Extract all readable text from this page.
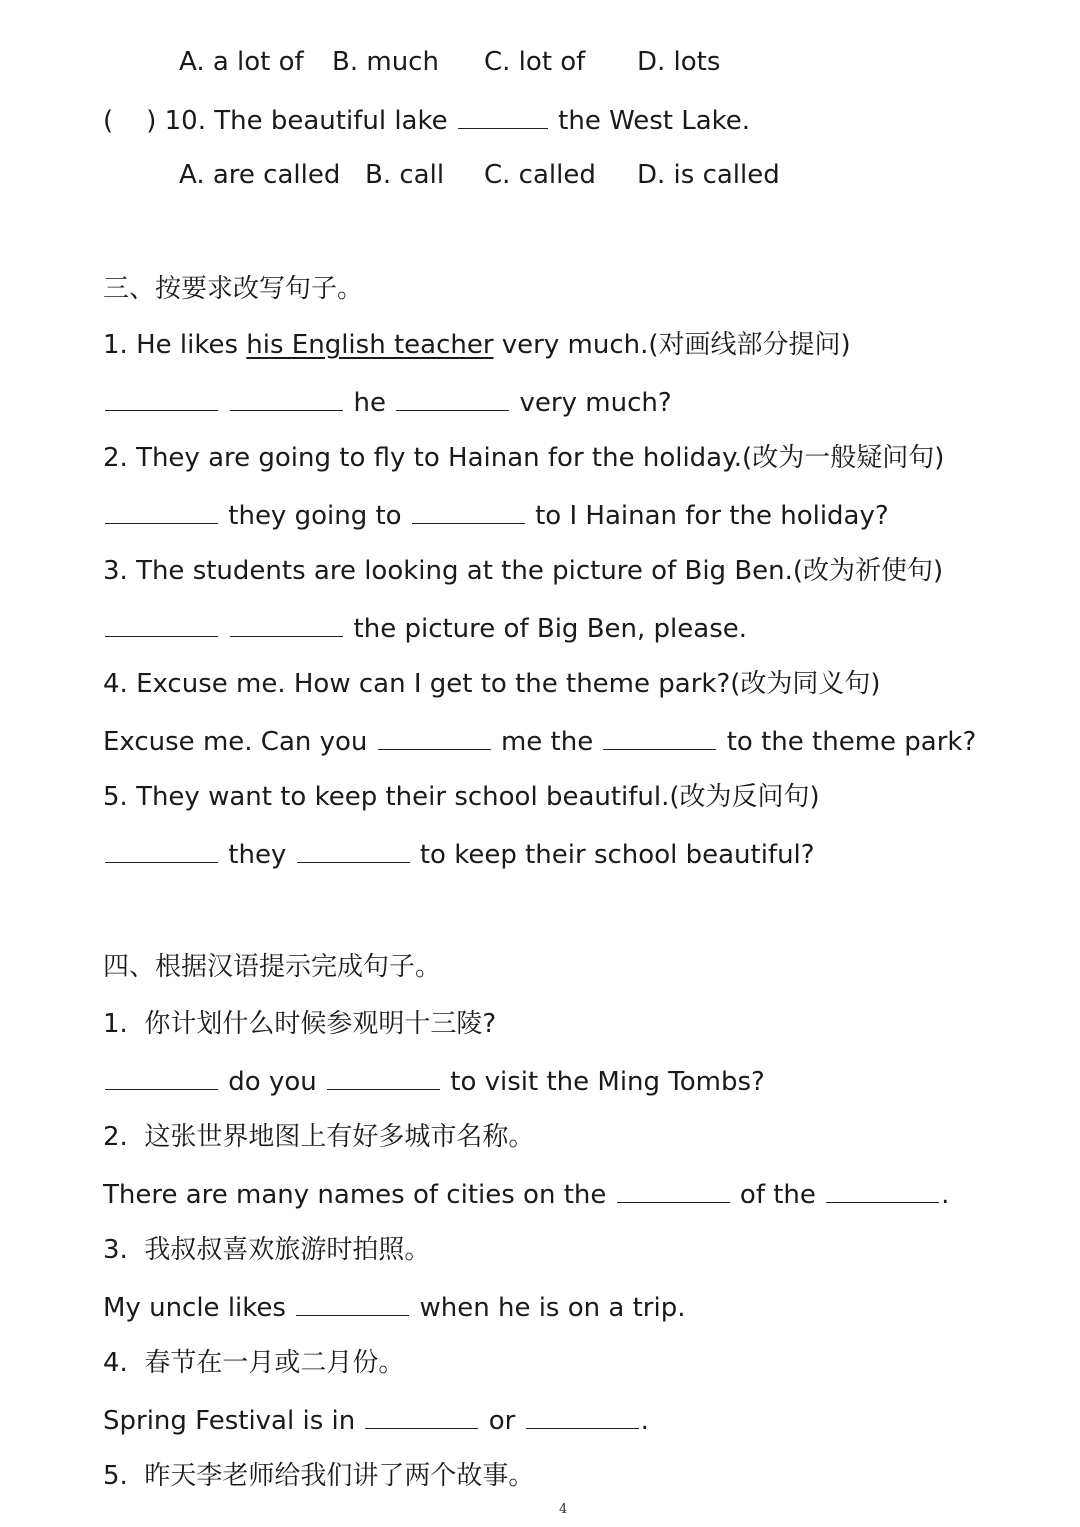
A. a lot of B. much C. lot of D. lots
(    ) 10. The beautiful lake	the West Lake.
A. are called B. call C. called D. is called
三、按要求改写句子。
1. He likes his English teacher very much.(对画线部分提问)
he	very much?
2. They are going to fly to Hainan for the holiday.(改为一般疑问句)
they going to	to I Hainan for the holiday?
3. The students are looking at the picture of Big Ben.(改为祈使句)
the picture of Big Ben, please.
4. Excuse me. How can I get to the theme park?(改为同义句)
Excuse me. Can you	me the	to the theme park?
5. They want to keep their school beautiful.(改为反问句)
they	to keep their school beautiful?
四、根据汉语提示完成句子。
1.  你计划什么时候参观明十三陵?
do you	to visit the Ming Tombs?
2.  这张世界地图上有好多城市名称。
There are many names of cities on the	of the	.
3.  我叔叔喜欢旅游时拍照。
My uncle likes	when he is on a trip.
4.  春节在一月或二月份。
Spring Festival is in	or	.
5.  昨天李老师给我们讲了两个故事。
4
